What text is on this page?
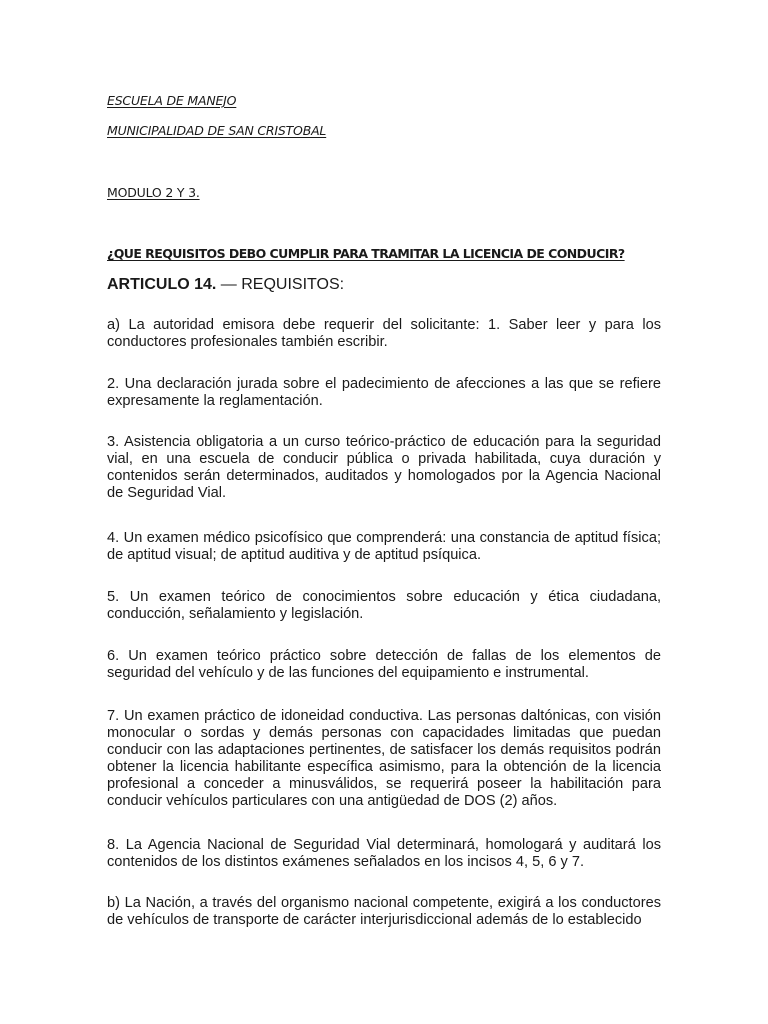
ESCUELA DE MANEJO
MUNICIPALIDAD DE SAN CRISTOBAL
MODULO 2 Y 3.
¿QUE REQUISITOS DEBO CUMPLIR PARA TRAMITAR LA LICENCIA DE CONDUCIR?
ARTICULO 14. — REQUISITOS:

a) La autoridad emisora debe requerir del solicitante: 1. Saber leer y para los conductores profesionales también escribir.

2. Una declaración jurada sobre el padecimiento de afecciones a las que se refiere expresamente la reglamentación.

3. Asistencia obligatoria a un curso teórico-práctico de educación para la seguridad vial, en una escuela de conducir pública o privada habilitada, cuya duración y contenidos serán determinados, auditados y homologados por la Agencia Nacional de Seguridad Vial.

4. Un examen médico psicofísico que comprenderá: una constancia de aptitud física; de aptitud visual; de aptitud auditiva y de aptitud psíquica.

5. Un examen teórico de conocimientos sobre educación y ética ciudadana, conducción, señalamiento y legislación.

6. Un examen teórico práctico sobre detección de fallas de los elementos de seguridad del vehículo y de las funciones del equipamiento e instrumental.

7. Un examen práctico de idoneidad conductiva. Las personas daltónicas, con visión monocular o sordas y demás personas con capacidades limitadas que puedan conducir con las adaptaciones pertinentes, de satisfacer los demás requisitos podrán obtener la licencia habilitante específica asimismo, para la obtención de la licencia profesional a conceder a minusválidos, se requerirá poseer la habilitación para conducir vehículos particulares con una antigüedad de DOS (2) años.

8. La Agencia Nacional de Seguridad Vial determinará, homologará y auditará los contenidos de los distintos exámenes señalados en los incisos 4, 5, 6 y 7.

b) La Nación, a través del organismo nacional competente, exigirá a los conductores de vehículos de transporte de carácter interjurisdiccional además de lo establecido
